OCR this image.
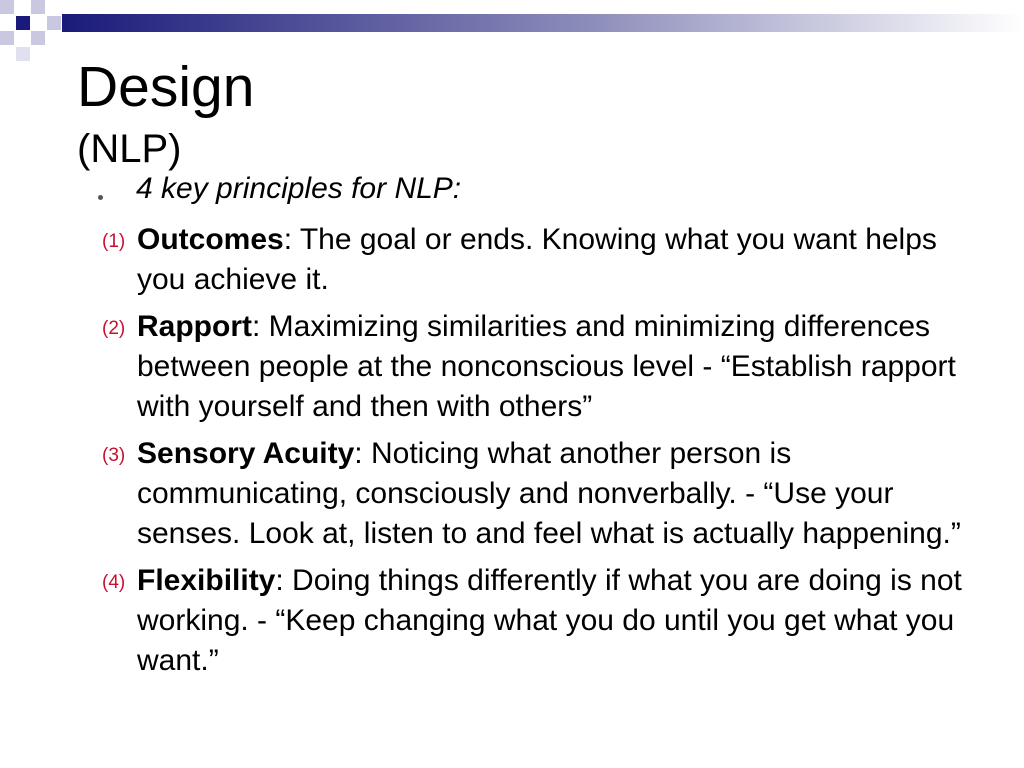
Design
(NLP)
4 key principles for NLP:
(1) Outcomes: The goal or ends. Knowing what you want helps you achieve it.
(2) Rapport: Maximizing similarities and minimizing differences between people at the nonconscious level - “Establish rapport with yourself and then with others”
(3) Sensory Acuity: Noticing what another person is communicating, consciously and nonverbally. - “Use your senses. Look at, listen to and feel what is actually happening.”
(4) Flexibility: Doing things differently if what you are doing is not working. - “Keep changing what you do until you get what you want.”
